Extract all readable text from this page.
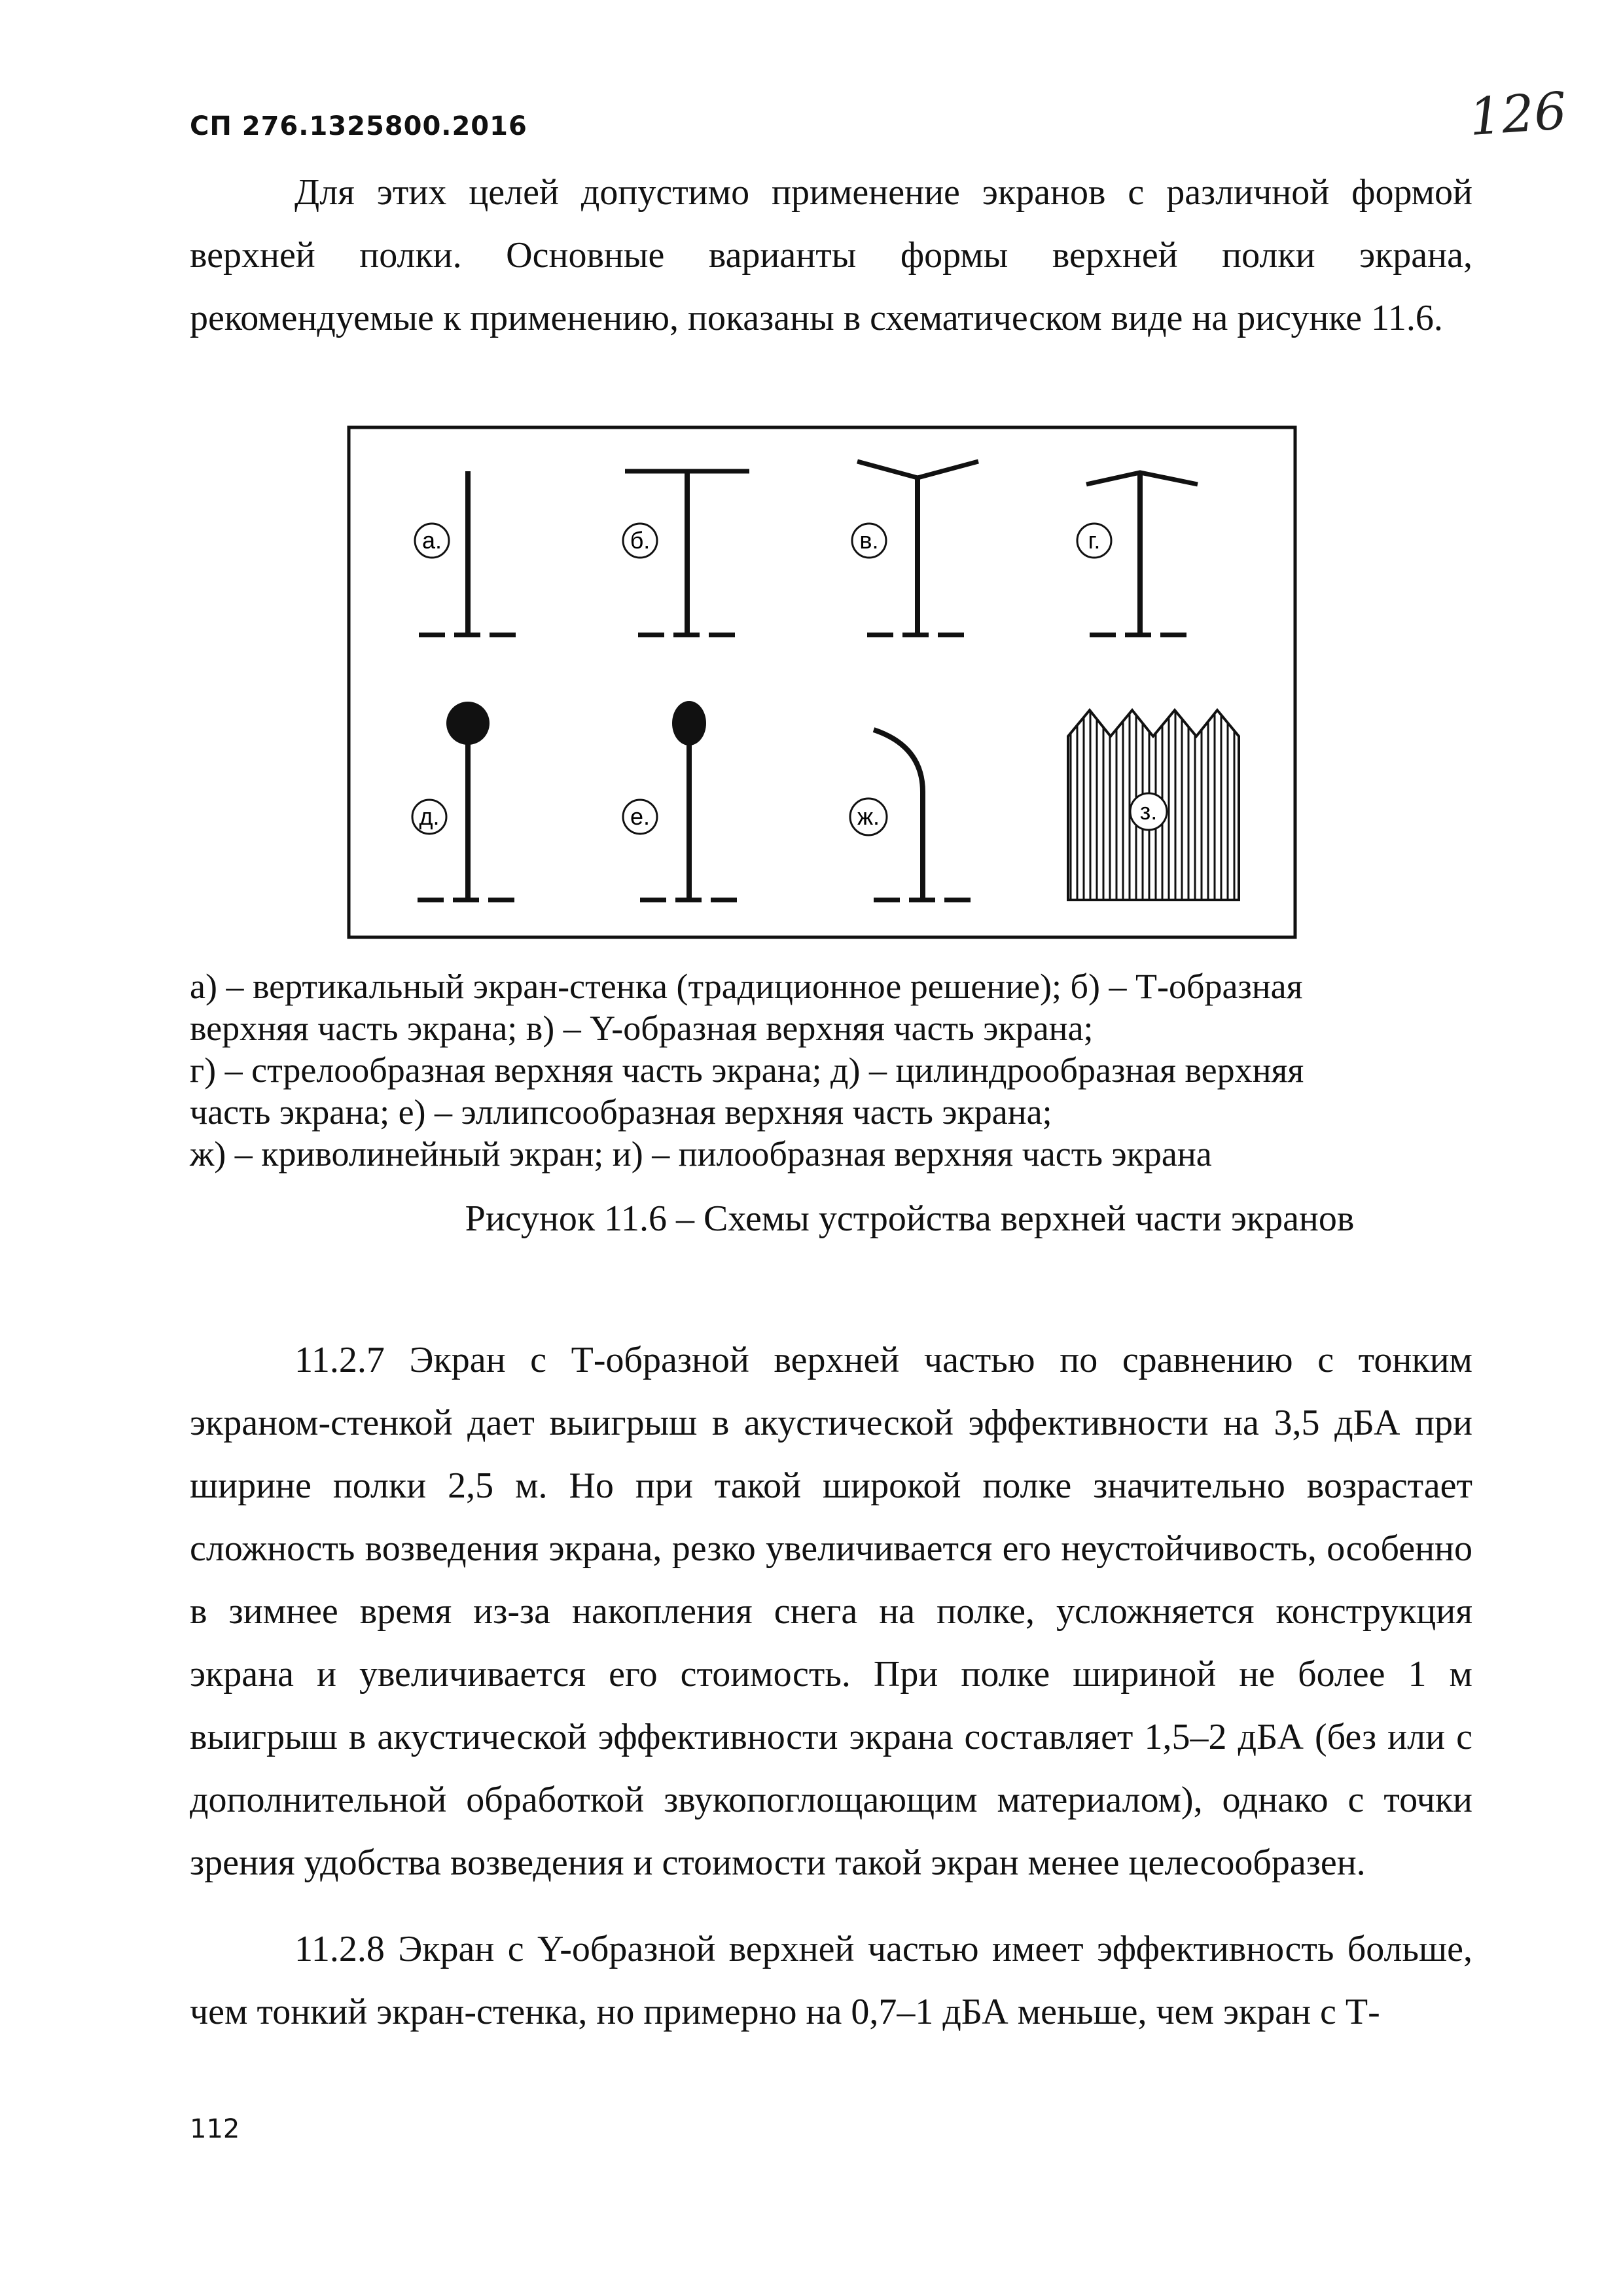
СП 276.1325800.2016	126
Для этих целей допустимо применение экранов с различной формой верхней полки. Основные варианты формы верхней полки экрана, рекомендуемые к применению, показаны в схематическом виде на рисунке 11.6.
а.	б.	в.	г.
д.	е.	ж.	з.
а) – вертикальный экран-стенка (традиционное решение); б) – Т-образная
верхняя часть экрана; в) – Y-образная верхняя часть экрана;
г) – стрелообразная верхняя часть экрана; д) – цилиндрообразная верхняя
часть экрана; е) – эллипсообразная верхняя часть экрана;
ж) – криволинейный экран; и) – пилообразная верхняя часть экрана
Рисунок 11.6 – Схемы устройства верхней части экранов
11.2.7 Экран с Т-образной верхней частью по сравнению с тонким экраном-стенкой дает выигрыш в акустической эффективности на 3,5 дБА при ширине полки 2,5 м. Но при такой широкой полке значительно возрастает сложность возведения экрана, резко увеличивается его неустойчивость, особенно в зимнее время из-за накопления снега на полке, усложняется конструкция экрана и увеличивается его стоимость. При полке шириной не более 1 м выигрыш в акустической эффективности экрана составляет 1,5–2 дБА (без или с дополнительной обработкой звукопоглощающим материалом), однако с точки зрения удобства возведения и стоимости такой экран менее целесообразен.
11.2.8 Экран с Y-образной верхней частью имеет эффективность больше, чем тонкий экран-стенка, но примерно на 0,7–1 дБА меньше, чем экран с Т-
112
